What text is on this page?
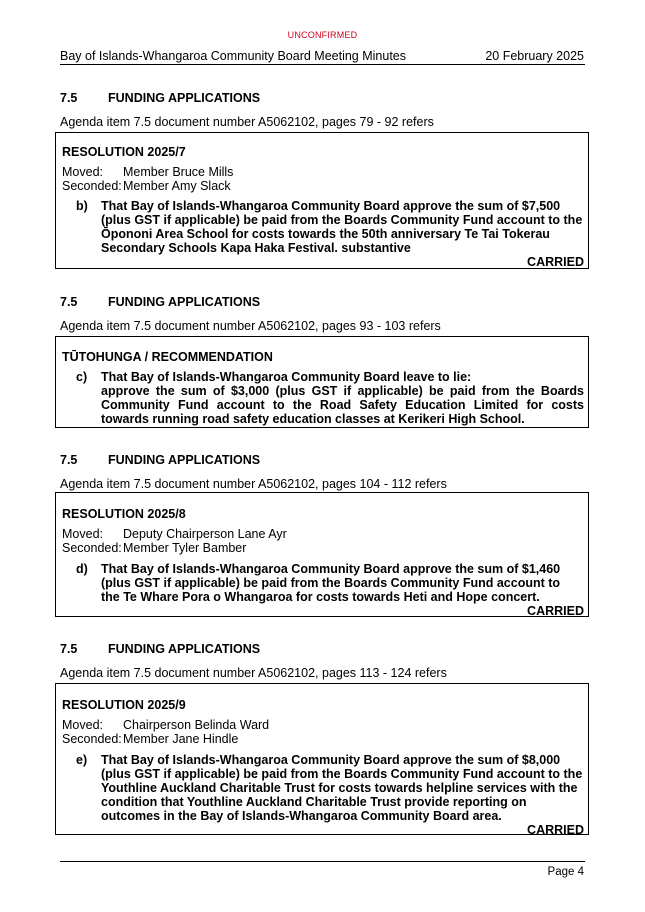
UNCONFIRMED
Bay of Islands-Whangaroa Community Board Meeting Minutes	20 February 2025
7.5	FUNDING APPLICATIONS
Agenda item 7.5 document number A5062102, pages 79 - 92 refers
RESOLUTION 2025/7
Moved:	Member Bruce Mills
Seconded: Member Amy Slack
b)	That Bay of Islands-Whangaroa Community Board approve the sum of $7,500 (plus GST if applicable) be paid from the Boards Community Fund account to the Ōpononi Area School for costs towards the 50th anniversary Te Tai Tokerau Secondary Schools Kapa Haka Festival. substantive
CARRIED
7.5	FUNDING APPLICATIONS
Agenda item 7.5 document number A5062102, pages 93 - 103 refers
TŪTOHUNGA / RECOMMENDATION
c)	That Bay of Islands-Whangaroa Community Board leave to lie:
approve the sum of $3,000 (plus GST if applicable) be paid from the Boards Community Fund account to the Road Safety Education Limited for costs towards running road safety education classes at Kerikeri High School.
7.5	FUNDING APPLICATIONS
Agenda item 7.5 document number A5062102, pages 104 - 112 refers
RESOLUTION 2025/8
Moved:	Deputy Chairperson Lane Ayr
Seconded: Member Tyler Bamber
d)	That Bay of Islands-Whangaroa Community Board approve the sum of $1,460 (plus GST if applicable) be paid from the Boards Community Fund account to the Te Whare Pora o Whangaroa for costs towards Heti and Hope concert.
CARRIED
7.5	FUNDING APPLICATIONS
Agenda item 7.5 document number A5062102, pages 113 - 124 refers
RESOLUTION 2025/9
Moved:	Chairperson Belinda Ward
Seconded: Member Jane Hindle
e)	That Bay of Islands-Whangaroa Community Board approve the sum of $8,000 (plus GST if applicable) be paid from the Boards Community Fund account to the Youthline Auckland Charitable Trust for costs towards helpline services with the condition that Youthline Auckland Charitable Trust provide reporting on outcomes in the Bay of Islands-Whangaroa Community Board area.
CARRIED
Page 4
